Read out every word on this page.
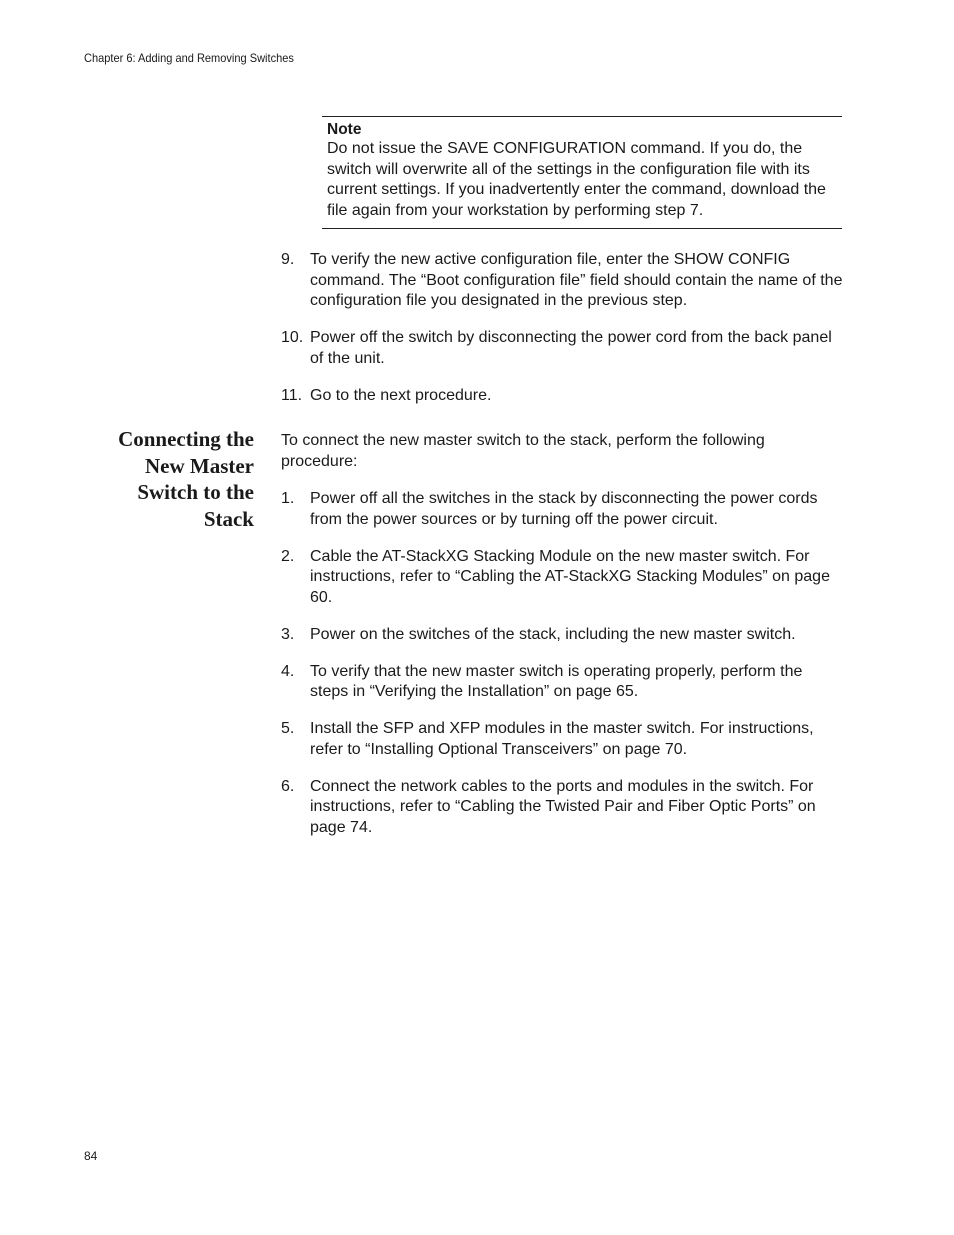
Chapter 6: Adding and Removing Switches
Note
Do not issue the SAVE CONFIGURATION command. If you do, the switch will overwrite all of the settings in the configuration file with its current settings. If you inadvertently enter the command, download the file again from your workstation by performing step 7.
9. To verify the new active configuration file, enter the SHOW CONFIG command. The “Boot configuration file” field should contain the name of the configuration file you designated in the previous step.
10. Power off the switch by disconnecting the power cord from the back panel of the unit.
11. Go to the next procedure.
Connecting the
New Master
Switch to the
Stack
To connect the new master switch to the stack, perform the following procedure:
1. Power off all the switches in the stack by disconnecting the power cords from the power sources or by turning off the power circuit.
2. Cable the AT-StackXG Stacking Module on the new master switch. For instructions, refer to “Cabling the AT-StackXG Stacking Modules” on page 60.
3. Power on the switches of the stack, including the new master switch.
4. To verify that the new master switch is operating properly, perform the steps in “Verifying the Installation” on page 65.
5. Install the SFP and XFP modules in the master switch. For instructions, refer to “Installing Optional Transceivers” on page 70.
6. Connect the network cables to the ports and modules in the switch. For instructions, refer to “Cabling the Twisted Pair and Fiber Optic Ports” on page 74.
84
